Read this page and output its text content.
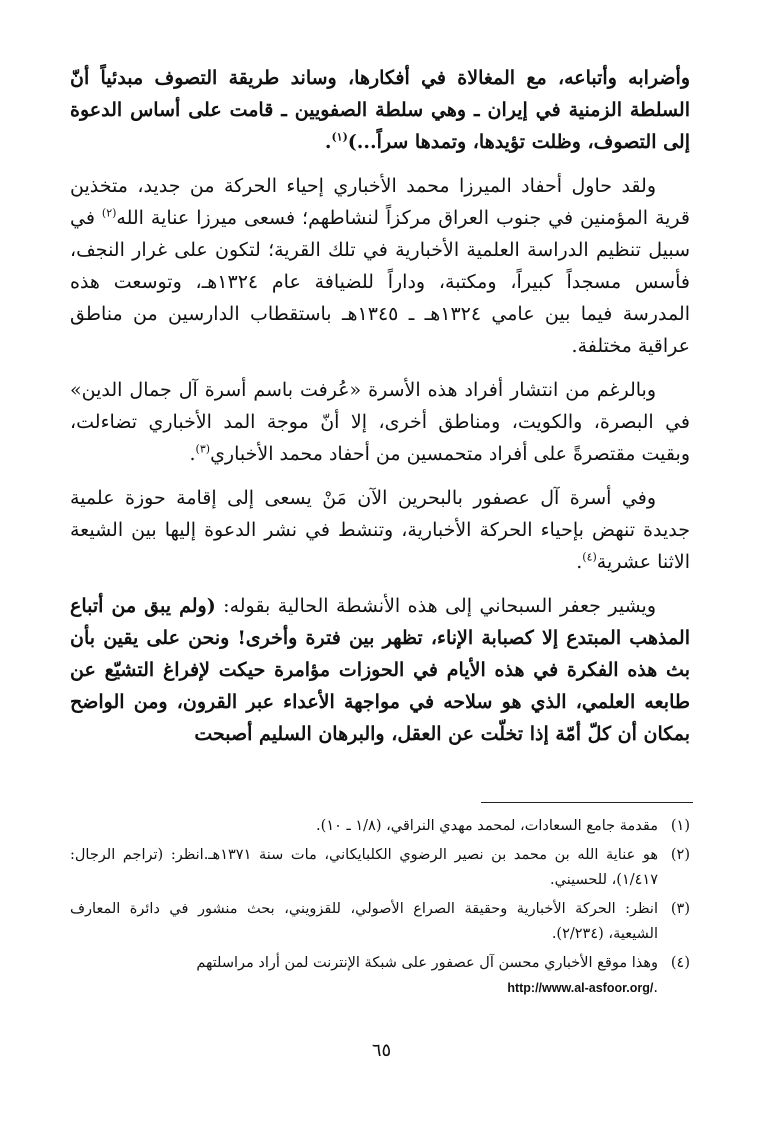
وأضرابه وأتباعه، مع المغالاة في أفكارها، وساند طريقة التصوف مبدئياً أنّ السلطة الزمنية في إيران ـ وهي سلطة الصفويين ـ قامت على أساس الدعوة إلى التصوف، وظلت تؤيدها، وتمدها سراً...)$^{(١)}$.

ولقد حاول أحفاد الميرزا محمد الأخباري إحياء الحركة من جديد، متخذين قرية المؤمنين في جنوب العراق مركزاً لنشاطهم؛ فسعى ميرزا عناية الله$^{(٢)}$ في سبيل تنظيم الدراسة العلمية الأخبارية في تلك القرية؛ لتكون على غرار النجف، فأسس مسجداً كبيراً، ومكتبة، وداراً للضيافة عام ١٣٢٤هـ، وتوسعت هذه المدرسة فيما بين عامي ١٣٢٤هـ ـ ١٣٤٥هـ باستقطاب الدارسين من مناطق عراقية مختلفة.

وبالرغم من انتشار أفراد هذه الأسرة «عُرفت باسم أسرة آل جمال الدين» في البصرة، والكويت، ومناطق أخرى، إلا أنّ موجة المد الأخباري تضاءلت، وبقيت مقتصرةً على أفراد متحمسين من أحفاد محمد الأخباري$^{(٣)}$.

وفي أسرة آل عصفور بالبحرين الآن مَنْ يسعى إلى إقامة حوزة علمية جديدة تنهض بإحياء الحركة الأخبارية، وتنشط في نشر الدعوة إليها بين الشيعة الاثنا عشرية$^{(٤)}$.

ويشير جعفر السبحاني إلى هذه الأنشطة الحالية بقوله: (ولم يبق من أتباع المذهب المبتدع إلا كصبابة الإناء، تظهر بين فترة وأخرى! ونحن على يقين بأن بث هذه الفكرة في هذه الأيام في الحوزات مؤامرة حيكت لإفراغ التشيّع عن طابعه العلمي، الذي هو سلاحه في مواجهة الأعداء عبر القرون، ومن الواضح بمكان أن كلّ أمّة إذا تخلّت عن العقل، والبرهان السليم أصبحت

(١)
مقدمة جامع السعادات، لمحمد مهدي النراقي، (١/٨ ـ ١٠).
(٢)
هو عناية الله بن محمد بن نصير الرضوي الكلبايكاني، مات سنة ١٣٧١هـ.انظر: (تراجم الرجال: ١/٤١٧)، للحسيني.
(٣)
انظر: الحركة الأخبارية وحقيقة الصراع الأصولي، للقزويني، بحث منشور في دائرة المعارف الشيعية، (٢/٢٣٤).
(٤)
وهذا موقع الأخباري محسن آل عصفور على شبكة الإنترنت لمن أراد مراسلتهم
.http://www.al-asfoor.org/
٦٥
